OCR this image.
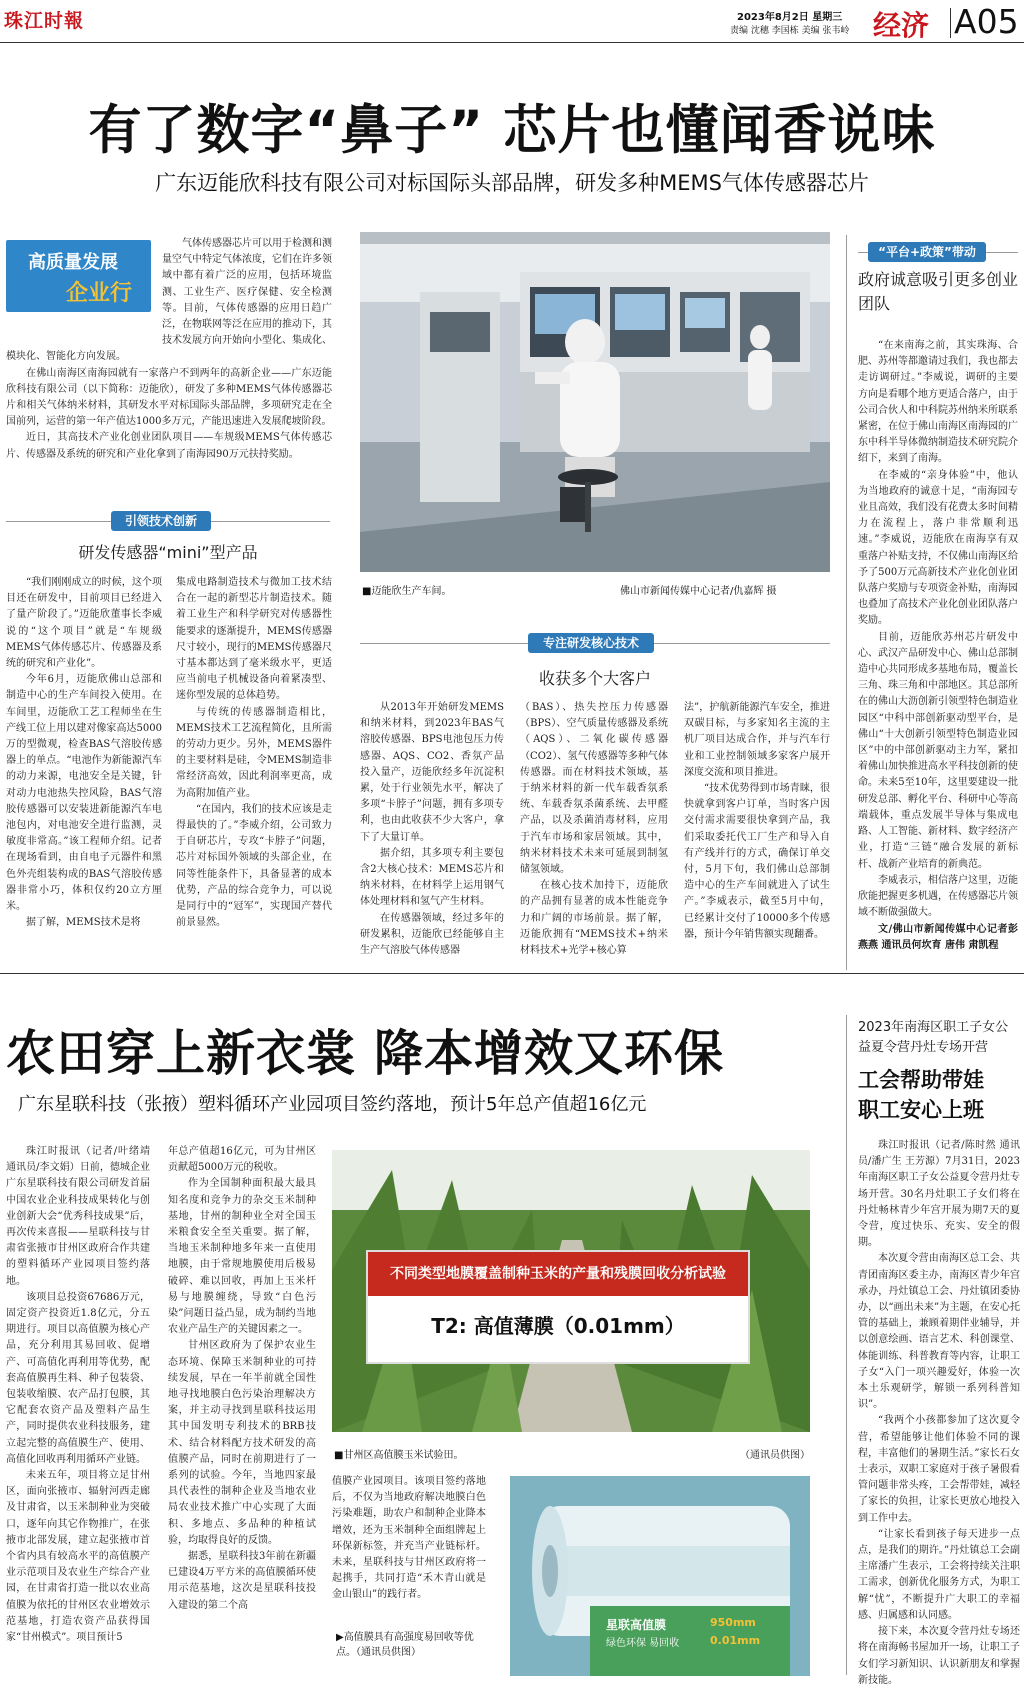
珠江时報	2023年8月2日 星期三
责编 沈穗 李国栋 美编 张韦岭 经济 A05
有了数字“鼻子” 芯片也懂闻香说味
广东迈能欣科技有限公司对标国际头部品牌，研发多种MEMS气体传感器芯片
高质量发展
企业行

气体传感器芯片可以用于检测和测量空气中特定气体浓度，它们在许多领域中都有着广泛的应用，包括环境监测、工业生产、医疗保健、安全检测等。目前，气体传感器的应用日趋广泛，在物联网等泛在应用的推动下，其技术发展方向开始向小型化、集成化、模块化、智能化方向发展。

在佛山南海区南海园就有一家落户不到两年的高新企业——广东迈能欣科技有限公司（以下简称：迈能欣），研发了多种MEMS气体传感器芯片和相关气体纳米材料，其研发水平对标国际头部品牌，多项研究走在全国前列，运营的第一年产值达1000多万元，产能迅速进入发展爬坡阶段。

近日，其高技术产业化创业团队项目——车规级MEMS气体传感芯片、传感器及系统的研究和产业化拿到了南海园90万元扶持奖励。

引领技术创新
研发传感器“mini”型产品

“我们刚刚成立的时候，这个项目还在研发中，目前项目已经进入了量产阶段了。”迈能欣董事长李威说的“这个项目”就是“车规级MEMS气体传感芯片、传感器及系统的研究和产业化”。

今年6月，迈能欣佛山总部和制造中心的生产车间投入使用。在车间里，迈能欣工艺工程师坐在生产线工位上用以建对像家高达5000万的型微观，检查BAS气溶胶传感器上的单点。“电池作为新能源汽车的动力来源，电池安全是关键，针对动力电池热失控风险，BAS气溶胶传感器可以安装进新能源汽车电池包内，对电池安全进行监测，灵敏度非常高。”该工程师介绍。记者在现场看到，由自电子元器件和黑色外壳组装构成的BAS气溶胶传感器非常小巧，体积仅约20立方厘米。

据了解，MEMS技术是将

集成电路制造技术与微加工技术结合在一起的新型芯片制造技术。随着工业生产和科学研究对传感器性能要求的逐渐提升，MEMS传感器尺寸较小，现行的MEMS传感器尺寸基本都达到了毫米级水平，更适应当前电子机械设备向着紧凑型、迷你型发展的总体趋势。

与传统的传感器制造相比，MEMS技术工艺流程简化，且所需的劳动力更少。另外，MEMS器件的主要材料是硅，令MEMS制造非常经济高效，因此利润率更高，成为高附加值产业。

“在国内，我们的技术应该是走得最快的了。”李威介绍，公司致力于自研芯片，专攻“卡脖子”问题，芯片对标国外领域的头部企业，在同等性能条件下，具备显著的成本优势，产品的综合竞争力，可以说是同行中的“冠军”，实现国产替代前景显然。

■迈能欣生产车间。	佛山市新闻传媒中心记者/仇嘉辉 摄
专注研发核心技术
收获多个大客户

从2013年开始研发MEMS和纳米材料，到2023年BAS气溶胶传感器、BPS电池包压力传感器、AQS、CO2、香氛产品投入量产，迈能欣经多年沉淀积累，处于行业领先水平，解决了多项“卡脖子”问题，拥有多项专利，也由此收获不少大客户，拿下了大量订单。

据介绍，其多项专利主要包含2大核心技术：MEMS芯片和纳米材料，在材料学上运用钢气体处理材料和氢气产生材料。

在传感器领域，经过多年的研发累积，迈能欣已经能够自主生产气溶胶气体传感器

（BAS）、热失控压力传感器（BPS）、空气质量传感器及系统（AQS）、二氧化碳传感器（CO2）、氢气传感器等多种气体传感器。而在材料技术领域，基于纳米材料的新一代车载香氛系统、车载香氛杀菌系统、去甲醛产品，以及杀菌消毒材料，应用于汽车市场和家居领域。其中，纳米材料技术未来可延展到制氢储氢领域。

在核心技术加持下，迈能欣的产品拥有显著的成本性能竞争力和广阔的市场前景。据了解，迈能欣拥有“MEMS技术+纳米材料技术+光学+核心算

法”，护航新能源汽车安全，推进双碳目标，与多家知名主流的主机厂项目达成合作，并与汽车行业和工业控制领域多家客户展开深度交流和项目推进。

“技术优势得到市场青睐，很快就拿到客户订单，当时客户因交付需求需要很快拿到产品，我们采取委托代工厂生产和导入自有产线并行的方式，确保订单交付，5月下旬，我们佛山总部制造中心的生产车间就进入了试生产。”李威表示，截至5月中旬，已经累计交付了10000多个传感器，预计今年销售额实现翻番。

“平台+政策”带动
政府诚意吸引更多创业团队

“在来南海之前，其实珠海、合肥、苏州等都邀请过我们，我也都去走访调研过。”李威说，调研的主要方向是看哪个地方更适合落户，由于公司合伙人和中科院苏州纳米所联系紧密，在位于佛山南海区南海园的广东中科半导体微纳制造技术研究院介绍下，来到了南海。

在李威的“亲身体验”中，他认为当地政府的诚意十足，“南海园专业且高效，我们没有花费太多时间精力在流程上，落户非常顺利迅速。”李威说，迈能欣在南海享有双重落户补贴支持，不仅佛山南海区给予了500万元高新技术产业化创业团队落户奖励与专项资金补贴，南海园也叠加了高技术产业化创业团队落户奖励。

目前，迈能欣苏州芯片研发中心、武汉产品研发中心、佛山总部制造中心共同形成多基地布局，覆盖长三角、珠三角和中部地区。其总部所在的佛山大沥创新引领型特色制造业园区“中科中部创新驱动型平台，是佛山“十大创新引领型特色制造业园区”中的中部创新驱动主力军，紧扣着佛山加快推进高水平科技创新的使命。未来5至10年，这里要建设一批研发总部、孵化平台、科研中心等高端载体，重点发展半导体与集成电路、人工智能、新材料、数字经济产业，打造“三链”融合发展的新标杆、战新产业培育的新典范。

李威表示，相信落户这里，迈能欣能把握更多机遇，在传感器芯片领域不断做强做大。

文/佛山市新闻传媒中心记者彭燕燕 通讯员何坎育 唐伟 肃凯程
农田穿上新衣裳 降本增效又环保
广东星联科技（张掖）塑料循环产业园项目签约落地，预计5年总产值超16亿元

珠江时报讯（记者/叶绪靖 通讯员/李文娟）日前，德城企业广东星联科技有限公司研发首届中国农业企业科技成果转化与创业创新大会“优秀科技成果”后，再次传来喜报——星联科技与甘肃省张掖市甘州区政府合作共建的塑料循环产业园项目签约落地。

该项目总投资67686万元，固定资产投资近1.8亿元，分五期进行。项目以高值膜为核心产品，充分利用其易回收、促增产、可高值化再利用等优势，配套高值膜再生料、种子包装袋、包装收缩膜、农产品打包膜，其它配套农资产品及塑料产品生产，同时提供农业科技服务，建立起完整的高值膜生产、使用、高值化回收再利用循环产业链。

未来五年，项目将立足甘州区，面向张掖市、辐射河西走廊及甘肃省，以玉米制种业为突破口，逐年向其它作物推广，在张掖市北部发展，建立起张掖市首个省内具有较高水平的高值膜产业示范项目及农业生产综合产业园，在甘肃省打造一批以农业高值膜为依托的甘州区农业增效示范基地，打造农资产品获得国家“甘州模式”。项目预计5

年总产值超16亿元，可为甘州区贡献超5000万元的税收。

作为全国制种面积最大最具知名度和竞争力的杂交玉米制种基地，甘州的制种业全对全国玉米粮食安全至关重要。据了解，当地玉米制种地多年来一直使用地膜，由于常规地膜使用后极易破碎、难以回收，再加上玉米杆易与地膜缠绕，导致“白色污染”问题日益凸显，成为制约当地农业产品生产的关键因素之一。

甘州区政府为了保护农业生态环境、保障玉米制种业的可持续发展，早在一年半前就全国性地寻找地膜白色污染治理解决方案，并主动寻找到星联科技运用其中国发明专利技术的BRB技术、结合材料配方技术研发的高值膜产品，同时在前期进行了一系列的试验。今年，当地四家最具代表性的制种企业及当地农业局农业技术推广中心实现了大面积、多地点、多品种的种植试验，均取得良好的反馈。

据悉，星联科技3年前在新疆已建设4万平方米的高值膜循环使用示范基地，这次是星联科技投入建设的第二个高

不同类型地膜覆盖制种玉米的产量和残膜回收分析试验
T2: 高值薄膜（0.01mm）
■甘州区高值膜玉米试验田。	（通讯员供图）

值膜产业园项目。该项目签约落地后，不仅为当地政府解决地膜白色污染难题，助农户和制种企业降本增效，还为玉米制种全面组牌起上环保新标签，并充当产业链标杆。未来，星联科技与甘州区政府将一起携手，共同打造“禾木青山就是金山银山”的践行者。

▶高值膜具有高强度易回收等优点。（通讯员供图）
星联高值膜
绿色环保 易回收
950mm
0.01mm
2023年南海区职工子女公益夏令营丹灶专场开营
工会帮助带娃
职工安心上班

珠江时报讯（记者/陈时然 通讯员/潘广生 王芳源）7月31日，2023年南海区职工子女公益夏令营丹灶专场开营。30名丹灶职工子女们将在丹灶畅林青少年宫开展为期7天的夏令营，度过快乐、充实、安全的假期。

本次夏令营由南海区总工会、共青团南海区委主办，南海区青少年宫承办，丹灶镇总工会、丹灶镇团委协办，以“画出未来”为主题，在安心托管的基础上，兼顾着期伴业辅导，并以创意绘画、语言艺术、科创课堂、体能训练、科普教育等内容，让职工子女“入门一项兴趣爱好，体验一次本土乐观研学，解锁一系列科普知识”。

“我两个小孩都参加了这次夏令营，希望能够让他们体验不同的课程，丰富他们的暑期生活。”家长石女士表示，双职工家庭对于孩子暑假看管问题非常头疼，工会帮带娃，减轻了家长的负担，让家长更放心地投入到工作中去。

“让家长看到孩子每天进步一点点，是我们的期许。”丹灶镇总工会副主席潘广生表示，工会将持续关注职工需求，创新优化服务方式，为职工解“忧”，不断提升广大职工的幸福感、归属感和认同感。

接下来，本次夏令营丹灶专场还将在南海畅书屋加开一场，让职工子女们学习新知识、认识新朋友和掌握新技能。
